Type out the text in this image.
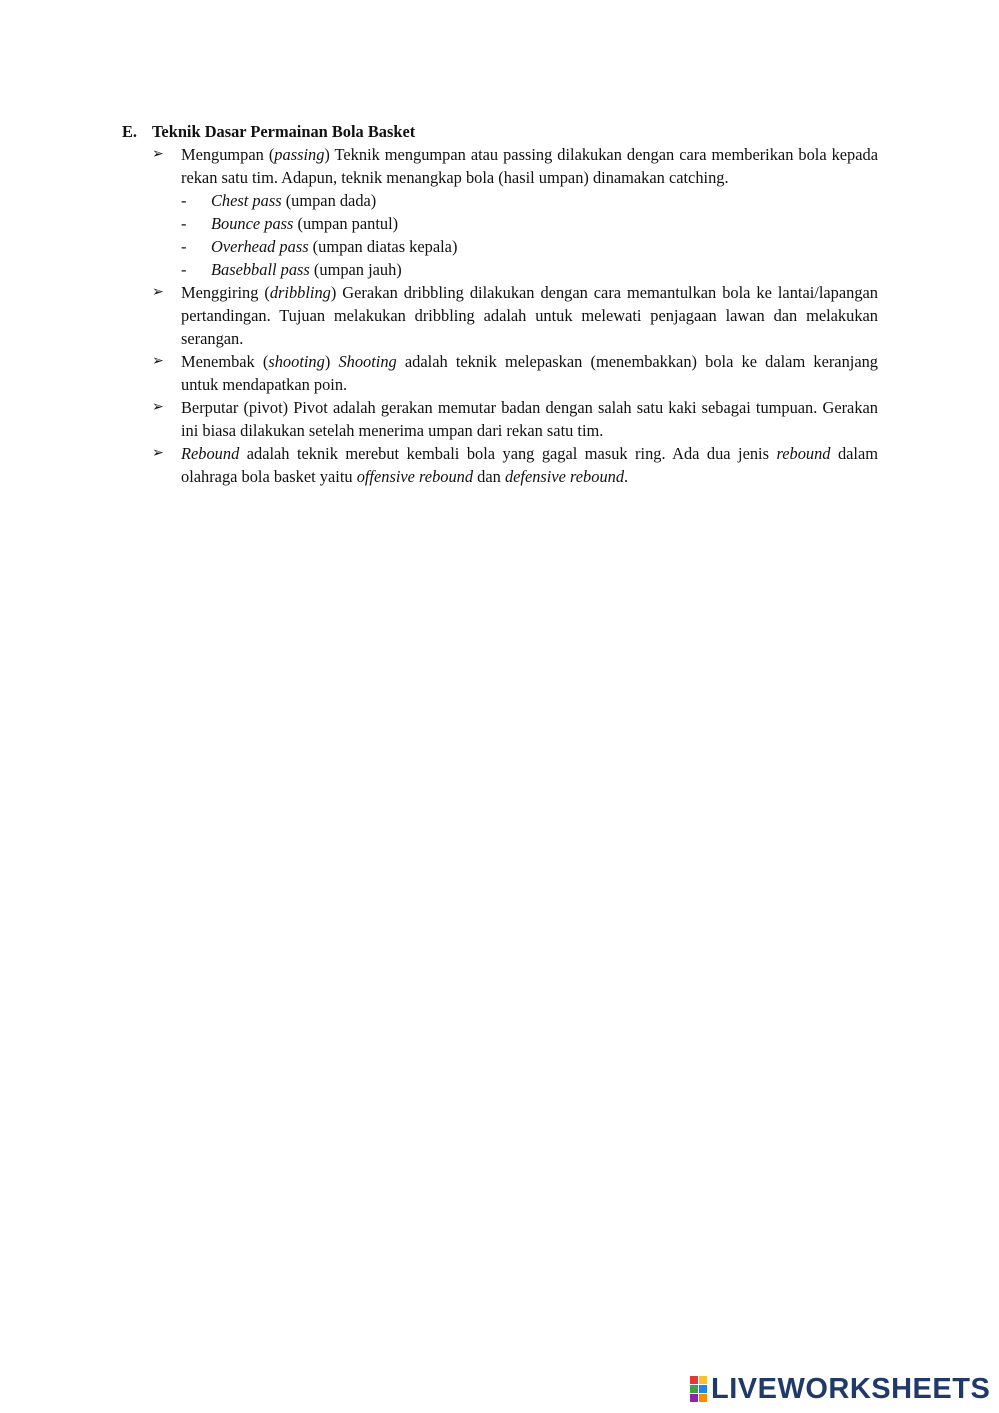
E. Teknik Dasar Permainan Bola Basket
➢ Mengumpan (passing) Teknik mengumpan atau passing dilakukan dengan cara memberikan bola kepada rekan satu tim. Adapun, teknik menangkap bola (hasil umpan) dinamakan catching.
- Chest pass (umpan dada)
- Bounce pass (umpan pantul)
- Overhead pass (umpan diatas kepala)
- Basebball pass (umpan jauh)
➢ Menggiring (dribbling) Gerakan dribbling dilakukan dengan cara memantulkan bola ke lantai/lapangan pertandingan. Tujuan melakukan dribbling adalah untuk melewati penjagaan lawan dan melakukan serangan.
➢ Menembak (shooting) Shooting adalah teknik melepaskan (menembakkan) bola ke dalam keranjang untuk mendapatkan poin.
➢ Berputar (pivot) Pivot adalah gerakan memutar badan dengan salah satu kaki sebagai tumpuan. Gerakan ini biasa dilakukan setelah menerima umpan dari rekan satu tim.
➢ Rebound adalah teknik merebut kembali bola yang gagal masuk ring. Ada dua jenis rebound dalam olahraga bola basket yaitu offensive rebound dan defensive rebound.
LIVEWORKSHEETS
